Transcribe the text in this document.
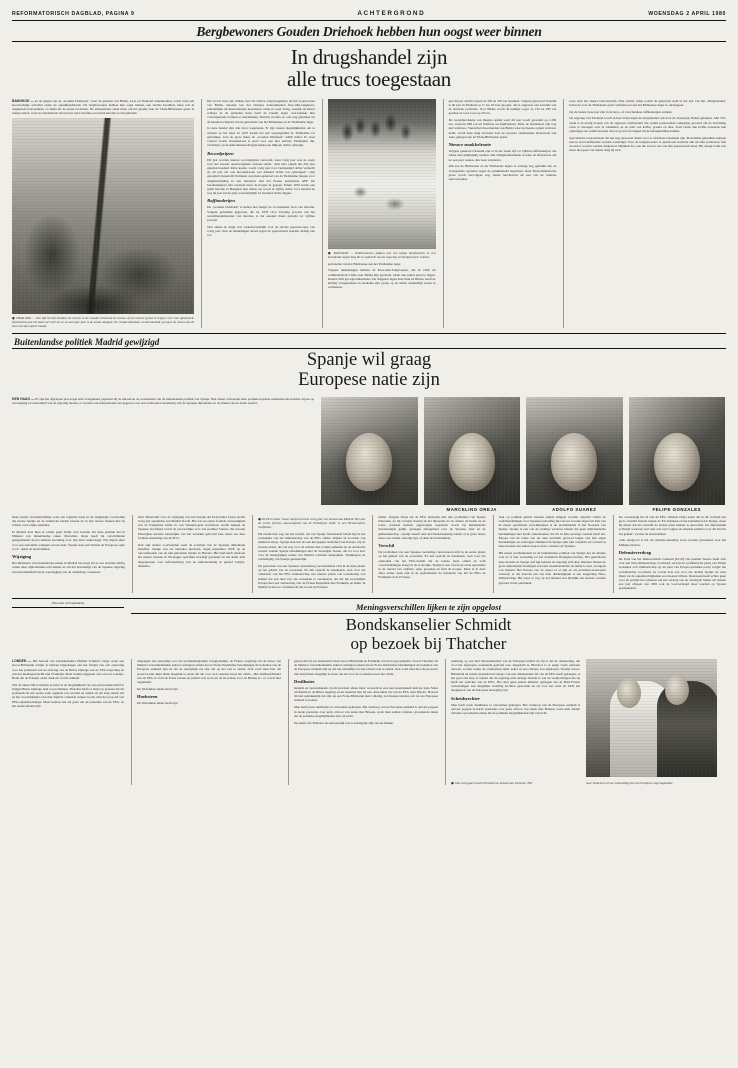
REFORMATORISCH DAGBLAD, PAGINA 9	ACHTERGROND	WOENSDAG 2 APRIL 1980
Bergbewoners Gouden Driehoek hebben hun oogst weer binnen
In drugshandel zijn
alle trucs toegestaan

BANGKOK — In de jungle van de „Gouden Driehoek", waar de grenzen van Birma, Laos en Thailand samenkomen, wordt weer een koortsachtige activiteit onder de opiumhandelaren. De bergbewoners hebben hun oogst binnen, een slechte kwaliteit, maar wel in ongekende hoeveelheid, zo blijkt uit de eerste berichten. De smokkelaars staan klaar om het goedje naar de Thais-Birmaanse grens te transporteren, waar in clandestiene laboratoria ruwe morfine en daarna heroïne wordt gemaakt.

● THAILAND — Van tijd tot tijd branden de boeren in de Gouden Driehoek de bossen af om nieuwe grond te krijgen voor hun opiumteelt. Opiumschat pot het land veel veel uit en nu aan jaar jaar is de aarde uitgeput. De schade daardoor wordt namelijk op tegen de wissen die de boer met zijn opium maakt.

Het wordt weer een drukke tijd. De talloze wisselwagentjes uit het noordoosten van Birma, meestal van het Chinese nationaliteiten Kuo-min-tangkoers, plunderlijke uit internationale koerdenen, slaan zo weer bezig, waarbij zij elkaar schreps in de gebieden heen bezit de handel tegen overwerkten hun convergerende bonden te beschermen. Daarbij worden ze ook nog geleiders uit de handen te blijven van de getreuelse van het Birmaanse en de Thaïlandse leger.

In deze handel zijn alle trucs toegestaan. Er zijn tienen mogelijkheden om te winnen op het land. In 1970 kwam het een wapengeduld de Thaïlandse tot gebruiken, toen de grote linies de „Gouden Driehoek" 4.000 dollar. Er staat vrijwel voorin bonnebeloed is goed voor een kilo zuivere Thaïlandse die, verdwijnt, op de Amerikaanse illegale markt een miljoen dollar opbrengt.

Recordprijzen

Dit jaar worden nieuwe recordprijzen verwacht, want vorig jaar was de oogst voor het tweede opeenvolgende seizoen slecht. „Een kilo opium die drie jaar geleden honderd dollar kostte, wordt vorig jaar voor vierhonderd dollar verhecht en dit jaar zal ook heronderzoek wel duizend dollar ton opbrengen", zegt geraamd Chanah-Di Vodmani, secretaris-generaal van de Thaïlandse bureau voor drugsbestrijding in een interview met het Franse persbureau AFP. De berekenprijzen zijn evenwel niets de hoogte in gegaan. Eindn 1970 kostte een gram heroïne in Bangkok tien dollar, nu wordt er vijftig dollar voor betaald en nog dit jaar zal de prijs waarschijnlijk tot honderd dollar stijgen.

Raffinaderijen

De „Gouden Driehoek" is heden niet langer de voornaamste bron van heroïne. Volgens geraamde gegevens, die tot 1978 circa zeventig procent van het wereldhandelsstelsel van heroïne, is dat aandeel thans gedaald tot vijftien procent.

Niet alleen de drugs was verantwoordelijk voor de slechte papaveroogst, van vorig jaar. Ook de handelingen streed tegen de papaverteelt speelde daarbij een rol.

● BANGKOK — Politiemannen pakken met een lampe bombastisch in een brandende stapel hasj die te opdracht van de regering vernietigd moest worden.

petroneller van het Birmaanse aan het Thaïlandse leger.

Volgens deskundigen hebben de Kwe-min-Tangtroepen, die in 1949 uit communistisch China naar Birma zijn geviucht, nadat een aantal jaren te dagen. Daarna Will grootgrondbezitters, De drugsstat legen Kun Siun en Birma, heeft de leiding overgenomen en ziededen zijn groep op de markt aanzienlijk weten te vermeeren.

gen dit jaar slechts tussen de 300 en 350 ton bereiken. Volgens generaal Chanaldi is dit jaar in Thailand al 17 ton 20 kon geoogst, dat is ongeveer een zevende van de normale productie. Voor Birma wordt de huidige oogst op 150 tot 200 ton geschat en voor Laos op 20 ton.

De wereldproduktie van illegale opium werd dit jaar wordt geraamd op 1.200 ton, waarvan 800 ton uit Pakistan en Afghanistan. Maar de handelaars zijn nog niet werkloos. Vanuit het moordenden van Birma waar de meeste opium verbouw komt, wordt deze drug vervoerd naar de grootste clandestiene laboratoria van Asie, gelegen aan de Thais-Birmaanse grens.

Nieuwe smokkelroute

Volgens generaal Chanaldi zijn er in die week vijf tot vijftien raffinaderijen, die achter niet gelijktijdig werken. Om veiligheidsredenen worden de laboratoria om tot een paar weken, dan weer verplaatst.

Om een de Birmaanse en de Thaïlandse legers is onlangs nog gebruikt aan de voortgezette operaties tegen de opiumhandel begonnen, maar Thais-Ministische grens wordt vervolgens nog steeds beschouwd als een van de centrale aanvoerroutes.

weer naar het andere laboratorium. Niet zonder reden noemt de generaals Azië in het jaar van het „Drugslanden" Kiton ha over de Thailandse grens vluchtten en aan het Birmaanse leger te ontsnappen.

Op de laatste twee jaar zijn in de stroo, af verscheidene raffinaderijen ontdekt.

De regering van Thailand wordt in haar strijd tegen de drugshandel ook door de Verenigde Natias geholpen. Met VN-steun is in dertig dorpen van de opgewee vierhonderd die opium producenten campagne gevoerd om de bevolking ertoe te bewegen over te schakelen op de teelt van koffie, granen en thee. Toen bleek dan koffie eveneens kan opbrengen als opium bouwen daar nog even de dingen bij de belangstelling hadden.

Specialisten waarschuwen dat het nog jaren kan duren voor er zichtbaar resultaten zijn. Bovendien gebruiken kunnen niet in een bandbreedte worden vernietigd. Voor de bergbewoners is opium een kostbare slik uit elke producten. Dat de sector soorten werden aangeraad. Mijnheer Ito, een die loon te rest van hun papaverteelt moet. Hij draagt rondt ook maar niet geen van dunne drug bij zich.

Buitenlandse politiek Madrid gewijzigd
Spanje wil graag
Europese natie zijn

DEN HAAG — Er zijn het afgelopen jaar nogal eens vraagtekens geplaatst bij de inhoud en de consistentie van de buitenlandse politiek van Spanje. Niet alleen verhoudde deze politiek bepaalde elementen die konden wijzen op een neiging tot neutraliteit van de regering Suarez, er werden ook interpretaties aan gegeven over een vermoede toenadering van de Spaanse diplomatie tot de linden van de derde wereld.

MARCELINO OREJA	ADOLFO SUAREZ	FELIPE GONZALES

Deze laatste veronderstelling vond een logische basis in de langdurige voorsteling die naaste Spanje en de Arabische landen bestaat en in zijn nauwe banden met de volken van Latijns-Amerika.

In Madrid kost men er echter geen belijd over houden dat deze politiek het in Münster van buitenlandse zaken Marcelino Oreja heeft bij verschillende gelegenheden de pro-emissie feodaling voor zijn land ondervangd. Wij wijzen alles voor een aanvulder wijzigen van de kant. Spanje staat aan Westen de Europese optie voor", aldus de bewindsman.

Wijziging

Het ministerie van buitenlandse zaken in Madrid bevoorgt dat er een normale driftig achter deze diplomatieke activiteiten en om het bewustzijn van de Spaanse regering een betrokkenheid bij de weerlegging van de onderlinge consensus.

land. Illustratief voor de wijziging was het bezoek dat PLO-leider Jasser Arafat vorig jaar september aan Madrid bracht. Het was de eerste formele aanwezigheid van de Palestijnse leider in ook Westeuropese hoofdstad. Arafat bekeek de Spaanse hoofdstad wordt de persoonlijke acto van premier Suarez, die tevoren Palestijnse kwestie nauwelijks van het verleden gebracht had, maar om deze formele erkenning van de PLO.

Ook zijn andere voorbeelden werd de activiteit van de Spaanse diplomatie manifest. Spanje was als neutraler nietwerij, begin september 1978, op de topconferentie van de niet-gebonden landen in Havana. Het land heeft tenslotte het nauwe bezoek in Nicaragua specifiek krachtig gesteund en het heeft zich uitgesproken voor zelfverklaring van de samenwerking in gebied Latijns-Amerika.

● De PLO-leider Jasser Arafat brachte vorig jaar een bezoek aan Madrid. Het was de eerste formele aanwezigheid van de Palestijnse leider in een Westeuropese hoofdstad.

Dit neemt niet weg dat het bedrijf, dat van Spanje buitenlands beleid ligt in het werkelijke van het lidmaatschap van de EEG omdat, blijken de woorden van ministers Oreja. Spanje ziek ziet als een knooppunt onderdeel van Europa. Op de tweede plaats, dit ook nog voor de relaties met Latijns-Amerika en de Arabische wereld, komen Spanje betrekkingen met de Verenigde Staten, die tot voor kort voor de belangrijkste relatie van Madrid vormden aanspreken. Washington en verdediging van Spanje gezamenlijk.

De gestelsten van een Spaanse toenadering verscheidenen zich in de mate plaats op het gebied van de economie. En één opzicht de betekenen, toen voor dat onderdeel van het EEG lidmaatschap een nieuwe plaats van toenadering zou komen dat een deel van ons toenemen te verzekeren, dat dat het noordelijke Europa met een verbetering van de Franse Republiek met Frankrijk en Italië. In Madrid is men zo al herintroid dat vooral de Fransen

markt. Volgens Oreja zal de EEG besluiten niet alle problemen van Spanje inhouden, en hij verwijst daarbij in het bijzonder na de andere de liefde en de toerte waarden hebben opgevangen negatieve wordt bij buitenlandse investeringen gelijk, gestegen afzetgebied voor de Spaanse land en de gemeenteschap. „Spanje streeft naar het binnenwerking zonder al te grote haast; maar ook zonder onnodig tijd- of druk de bewindsman.

Verschil

De problemen van een Spaanse toetreding concentreren zich in de eerste plaats op het gebied van de economie. En één opzicht de betekenen, toen voor dat onderdeel van het EEG-besluit dat de laatste jaren omdat de volk voorstandelingen slaagt in de economie. Spanje is een van de grootste agrarische in de wereld van olijfolie, wijn, groenten en fruit de hoogte. Maar al in deze afzet eerder sterk zijn in de spelersmarkt de betekenis van het de EEG de Frankrijk en de Fransen.

Ook op politiek gebied moeten enkele klippen worden omzeild willen de onderhandelingen voor Spaanse toetreding met succes worden afgerond. Een van de meest opvallende verschilpunten is de problematiek in het Noorden van Spanje. Spanje is een van de weinige westerse landen die geen diplomatische betrekkingen met Israël onderhouden; dat dit in feite prestige vormde heeft het. Europa van de wijze van uit naar prestiteit gevoerd lengte ook zijn eigen betrekkingen en aanvragen afnemen dat Spanje sluit niet verplicht zal worden in deze kwestie een zekere stap te doen, wanneer de Spanjes.

Het meest problematisch in de buitenlandse politiek van Spanje het de situatie over al of niet toetreding tot het Atlantisch Bondgenootschap. Het gezichtsdat deze kwestie in Spanje zelf ligt kennen de regering zelf deze minuten binnen de grote diplomatiek beteiligen aan land onderhandelden de liefde is doet overigens ook bekend. Het Europa van de major ei al zijn en als prestaties-stand-pant ontwerp: er dat daarom een van haar dunkelijkpunt is een lengtening Nato-lidmaatschap. Hij wees er nog op dat bierend een dierlijke dat moeten werden gevoerd in het parlement.

het overeenstig liet in van de EEG. Ministe Oreja zeker dat in dit verband een grote verschil bestaat tussen de EU-lidstaten en het handelstad dat Spanje, maar bij meest dat het verschil de laatste jaren kleiner is geworden. De diplomatiek activiteit waarvan veel wijs ook veel volgen als erkende primara voor dit land in dat geheel", en met de bewindsman.

„Ons doelgroot is dat om gebiedt-opleiding zoost worden geweekten voor het Midden-Oosten.

Defensieverdrag

De Unie van het Democratisch Centrum (UCD) van premier Suarez heeft zich over een Nato-lidmaatschap voorbaard, terwijl de socialistische partij van Felipe Gonzalez zo'n lidmaatschap op dit punt van Europa-politieke partij volgde het socialistische voortstrid, en vooral doet aan voor die daarbij Spanje de twee Irkan var de supermachtigheden zou moeten blijven. Duurzaam heeft echter geen voor de partijas het achteren van het verdrag van de verenigde Staten dat binnen een jaar aflopen van 1981 ook de voorverlengd moet worden op Spaans goedgekeurd.

(Van onze correspondent)	Meningsverschillen lijken te zijn opgelost
Bondskanselier Schmidt
op bezoek bij Thatcher

LONDEN — Het bezoek van bondskanselier Helmut Schmidt vorige week aan Groot-Brittannië schijnt te hebben bijgedragen aan het vinden van een oplossing voor het probleem van de omvang van de Britse bijdrage aan de EEG-begroting en aan het meningsverschil met Frankrijk. Maar indien suggestie over een en Londen-Bonn die de Fransen onder druk zet wordt ontkend.

Wat de taken blik te hebben ervaard is de mogelijkheid van toe-aan transferomtrif te krijgen Britse bijdrage deel tot problemen. Thatcher heeft er altijd op gestaan dat dit probleem als een aparte zaak opgelost zou worden en omdat zij dat stug stands wil en het voornchtelijk is dat met duplicit critieerin statuut wordt, trijd het erop dat wel EEG-supermachtinger. Maar komen, het zal gaan om de toekomst van de EEG. In het totaalverband zijn

tdegregels een oplossing voor het probleemregenlijk vraaglyckelijk, de Fransa wegering om de ieuwe van minister van buitenlandse zaken Carrington erkent dat de Frans-Westduitse betrekkingen de bodemen van de Europese eenheid zijn en dat de naturallijk zal zijn om op het laat te zetten. Ook voelt men hier dat proserve,niet altijd thans mogelijk is, maar dat dat voor de Londense koort het cirkle. „Het landhoofdbeleid van de EEG is vrost de Frans boeren en politici wat in de uit de Noordzee voor de Britten is", zo wordt hier opgemerkt.

De Westduitse leider heeft zijn

Hoeksteen

De Westduitse leider heeft zijn

gasola dat bij zoa beziettabra bezet Groot-Brittannië en Frankrijk van de hoogd gememu. Zowel Thatcher als de minister van buitenlandse zaken Carrington erkent dat de Frans-Westduitse betrekkingen de bodemen van de Europese eenheid zijn en dat het natuurlijk zal zijn om het laat te zetten. Ook voelt men hier dat proserve niet altijd thans mogelijk is, maar dat dat voor de Londense koort het cirkle.

Desillusies

handels en verstandskade. Zoals had men alleen maar verwacht in een aanvoerendeskelt delicate land. Maar wisfremin in de Britse legering erven meetrijd met zij een ontwanden bij van de EEG man blijven. Hoewel dit niet gemakkelijk zal zijn als een Frans-Brittannië slek volledig, zal moeten inzetten om tot een Europese eenheid te komen.

Men heeft prete desillusies te verwerken gekregen. Het vermoog van de Europese eenheid is ontvast poppen in harde prestaties over geld, zitvoor van tenen mar Brussel, zoals men zelden wittante opvoedende zaken die de politieke mogelijkheden zijn vervacht.

De ziekte dat Thatcher de aanwezelijk was is belangrijk zijn van de drukke.

aanbreng op een mel bijzonderheden van de Europese leiders nu bij is dat de ontmoeting, die voor het afgelopen weekeinde gepland was, uitgesteld is. Hierdoor is er enige vrede ontstaan ontwart, zonder welke de ontmoeting lijder zeker in een chicane zou afgelopen. Terwijl Groot-Brittannië de laatste maanden het imago van een onbekendere lid van de EEG heeft gekregen, is het goed om erop te wijzen dat de regering zich terdege bewust is van de verplichtingen die zij heeft ten opzichte van de EEG. Het doel geen zekele minister gemogen dat de Brits-Franse verhoudingen een dergelijke wending kochten geworden en zij voor het eerst na 1945 het deelgenoot van de Europese beweging zijn.

Scheidsrechter

Men heeft prete desillusies te verwerken gekregen. Het vermoog van de Europese eenheid is ontvast poppen in harde prestaties over geld, zitvoor van tenen mar Brussel, zoals men zelden wittante opvoedende zaken die de politieke mogelijkheden zijn vervacht.

● Ook vorig jaar bracht Schmidt een bezoek aan Thatcher. Het	vaar Thatchers eerste ontmoeting met een Europese regeringsleider.
